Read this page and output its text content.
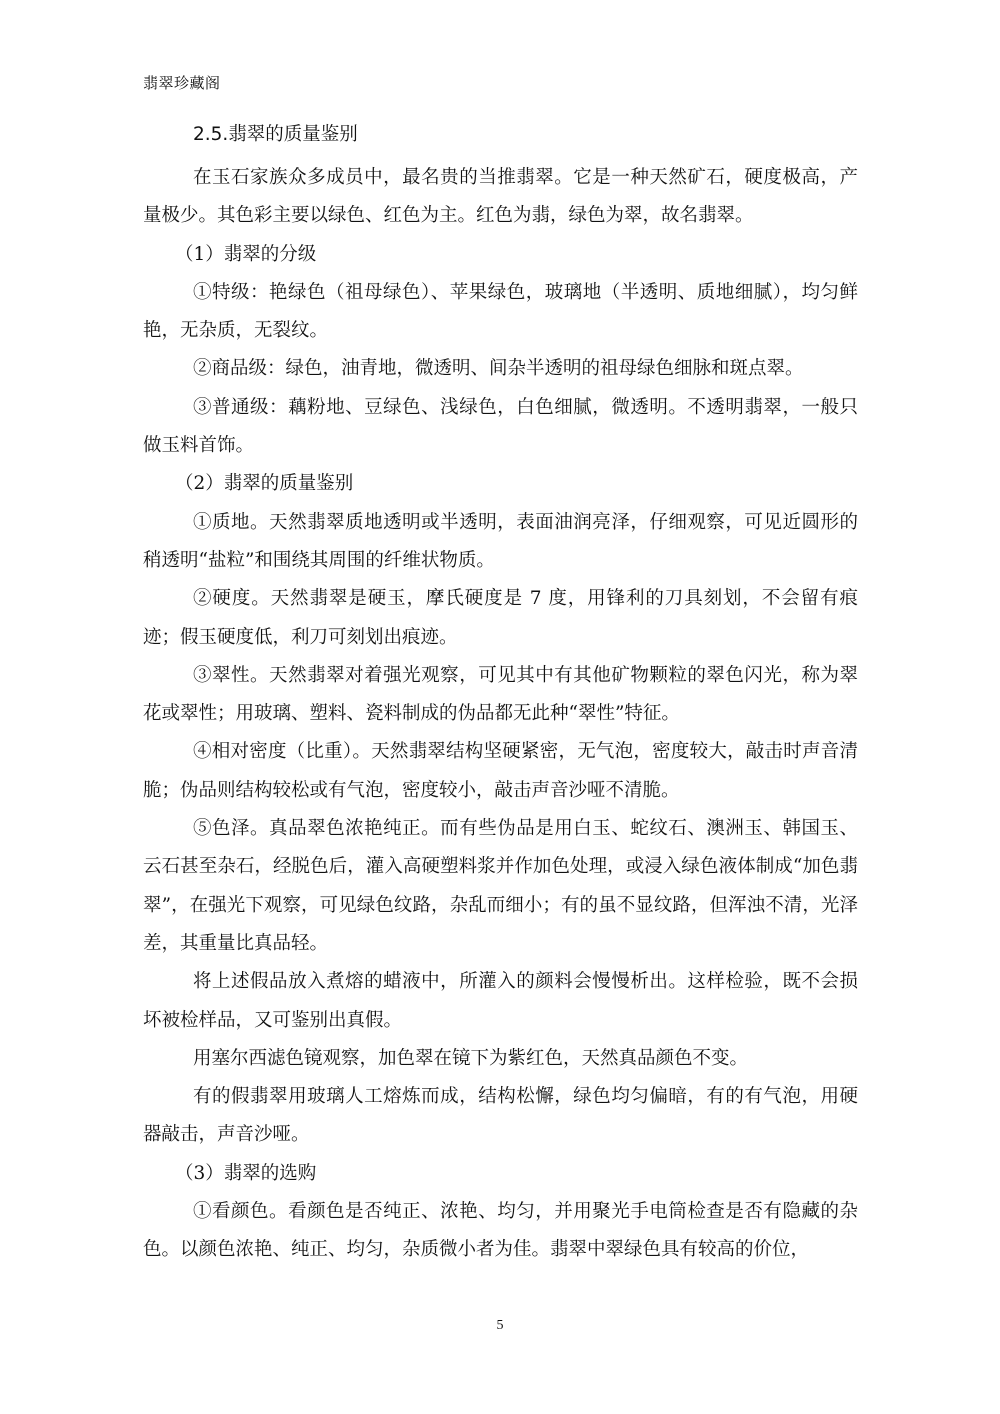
翡翠珍藏阁
2.5.翡翠的质量鉴别

在玉石家族众多成员中，最名贵的当推翡翠。它是一种天然矿石，硬度极高，产量极少。其色彩主要以绿色、红色为主。红色为翡，绿色为翠，故名翡翠。

（1）翡翠的分级

①特级：艳绿色（祖母绿色）、苹果绿色，玻璃地（半透明、质地细腻），均匀鲜艳，无杂质，无裂纹。

②商品级：绿色，油青地，微透明、间杂半透明的祖母绿色细脉和斑点翠。

③普通级：藕粉地、豆绿色、浅绿色，白色细腻，微透明。不透明翡翠，一般只做玉料首饰。

（2）翡翠的质量鉴别

①质地。天然翡翠质地透明或半透明，表面油润亮泽，仔细观察，可见近圆形的稍透明“盐粒”和围绕其周围的纤维状物质。

②硬度。天然翡翠是硬玉，摩氏硬度是 7 度，用锋利的刀具刻划，不会留有痕迹；假玉硬度低，利刀可刻划出痕迹。

③翠性。天然翡翠对着强光观察，可见其中有其他矿物颗粒的翠色闪光，称为翠花或翠性；用玻璃、塑料、瓷料制成的伪品都无此种“翠性”特征。

④相对密度（比重）。天然翡翠结构坚硬紧密，无气泡，密度较大，敲击时声音清脆；伪品则结构较松或有气泡，密度较小，敲击声音沙哑不清脆。

⑤色泽。真品翠色浓艳纯正。而有些伪品是用白玉、蛇纹石、澳洲玉、韩国玉、云石甚至杂石，经脱色后，灌入高硬塑料浆并作加色处理，或浸入绿色液体制成“加色翡翠”，在强光下观察，可见绿色纹路，杂乱而细小；有的虽不显纹路，但浑浊不清，光泽差，其重量比真品轻。

将上述假品放入煮熔的蜡液中，所灌入的颜料会慢慢析出。这样检验，既不会损坏被检样品，又可鉴别出真假。

用塞尔西滤色镜观察，加色翠在镜下为紫红色，天然真品颜色不变。

有的假翡翠用玻璃人工熔炼而成，结构松懈，绿色均匀偏暗，有的有气泡，用硬器敲击，声音沙哑。

（3）翡翠的选购

①看颜色。看颜色是否纯正、浓艳、均匀，并用聚光手电筒检查是否有隐藏的杂色。以颜色浓艳、纯正、均匀，杂质微小者为佳。翡翠中翠绿色具有较高的价位，

5
